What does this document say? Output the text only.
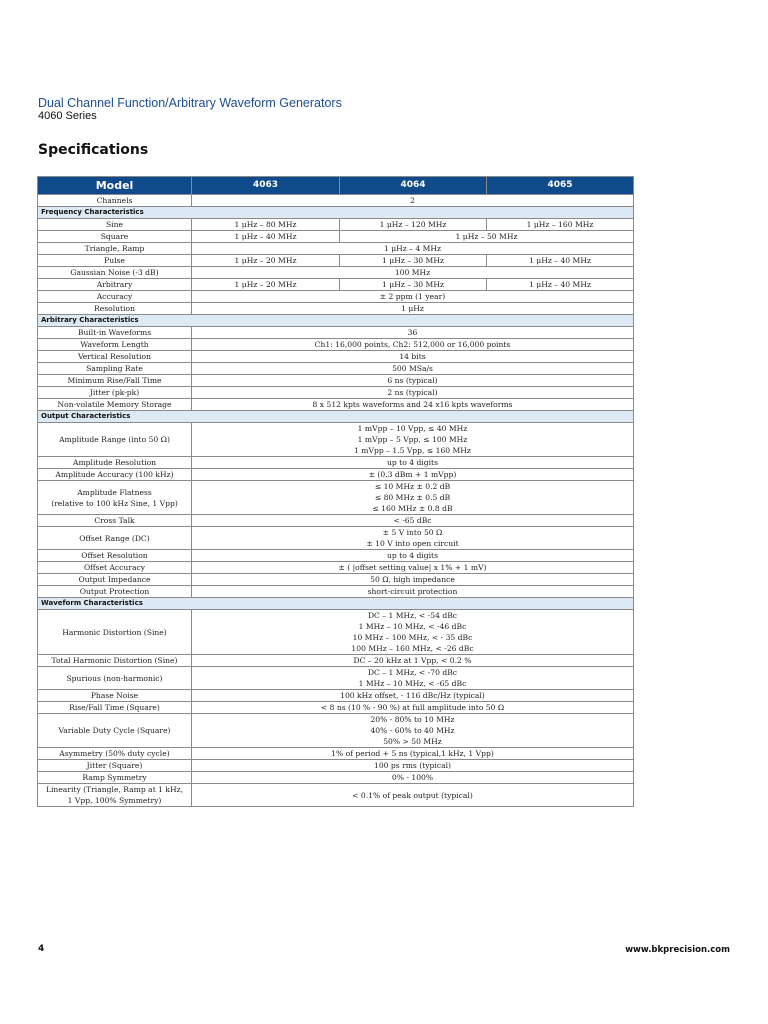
Dual Channel Function/Arbitrary Waveform Generators
4060 Series
Specifications
Model	4063	4064	4065
Channels	2		
Frequency Characteristics			
Sine	1 μHz – 80 MHz	1 μHz – 120 MHz	1 μHz – 160 MHz
Square	1 μHz – 40 MHz	1 μHz – 50 MHz	
Triangle, Ramp	1 μHz – 4 MHz		
Pulse	1 μHz – 20 MHz	1 μHz – 30 MHz	1 μHz – 40 MHz
Gaussian Noise (-3 dB)	100 MHz		
Arbitrary	1 μHz – 20 MHz	1 μHz – 30 MHz	1 μHz – 40 MHz
Accuracy	± 2 ppm (1 year)		
Resolution	1 μHz		
Arbitrary Characteristics			
Built-in Waveforms	36		
Waveform Length	Ch1: 16,000 points, Ch2: 512,000 or 16,000 points		
Vertical Resolution	14 bits		
Sampling Rate	500 MSa/s		
Minimum Rise/Fall Time	6 ns (typical)		
Jitter (pk-pk)	2 ns (typical)		
Non-volatile Memory Storage	8 x 512 kpts waveforms and 24 x16 kpts waveforms		
Output Characteristics			
Amplitude Range (into 50 Ω)	1 mVpp – 10 Vpp, ≤ 40 MHz
1 mVpp – 5 Vpp, ≤ 100 MHz
1 mVpp – 1.5 Vpp, ≤ 160 MHz		
Amplitude Resolution	up to 4 digits		
Amplitude Accuracy (100 kHz)	± (0.3 dBm + 1 mVpp)		
Amplitude Flatness
(relative to 100 kHz Sine, 1 Vpp)	≤ 10 MHz ± 0.2 dB
≤ 80 MHz ± 0.5 dB
≤ 160 MHz ± 0.8 dB		
Cross Talk	< -65 dBc		
Offset Range (DC)	± 5 V into 50 Ω
± 10 V into open circuit		
Offset Resolution	up to 4 digits		
Offset Accuracy	± ( |offset setting value| x 1% + 1 mV)		
Output Impedance	50 Ω, high impedance		
Output Protection	short-circuit protection		
Waveform Characteristics			
Harmonic Distortion (Sine)	DC – 1 MHz, < -54 dBc
1 MHz – 10 MHz, < -46 dBc
10 MHz – 100 MHz, < - 35 dBc
100 MHz – 160 MHz, < -26 dBc		
Total Harmonic Distortion (Sine)	DC – 20 kHz at 1 Vpp, < 0.2 %		
Spurious (non-harmonic)	DC – 1 MHz, < -70 dBc
1 MHz – 10 MHz, < -65 dBc		
Phase Noise	100 kHz offset, - 116 dBc/Hz (typical)		
Rise/Fall Time (Square)	< 8 ns (10 % - 90 %) at full amplitude into 50 Ω		
Variable Duty Cycle (Square)	20% - 80% to 10 MHz
40% - 60% to 40 MHz
50% > 50 MHz		
Asymmetry (50% duty cycle)	1% of period + 5 ns (typical,1 kHz, 1 Vpp)		
Jitter (Square)	100 ps rms (typical)		
Ramp Symmetry	0% - 100%		
Linearity (Triangle, Ramp at 1 kHz,
1 Vpp, 100% Symmetry)	< 0.1% of peak output (typical)		
4	www.bkprecision.com
